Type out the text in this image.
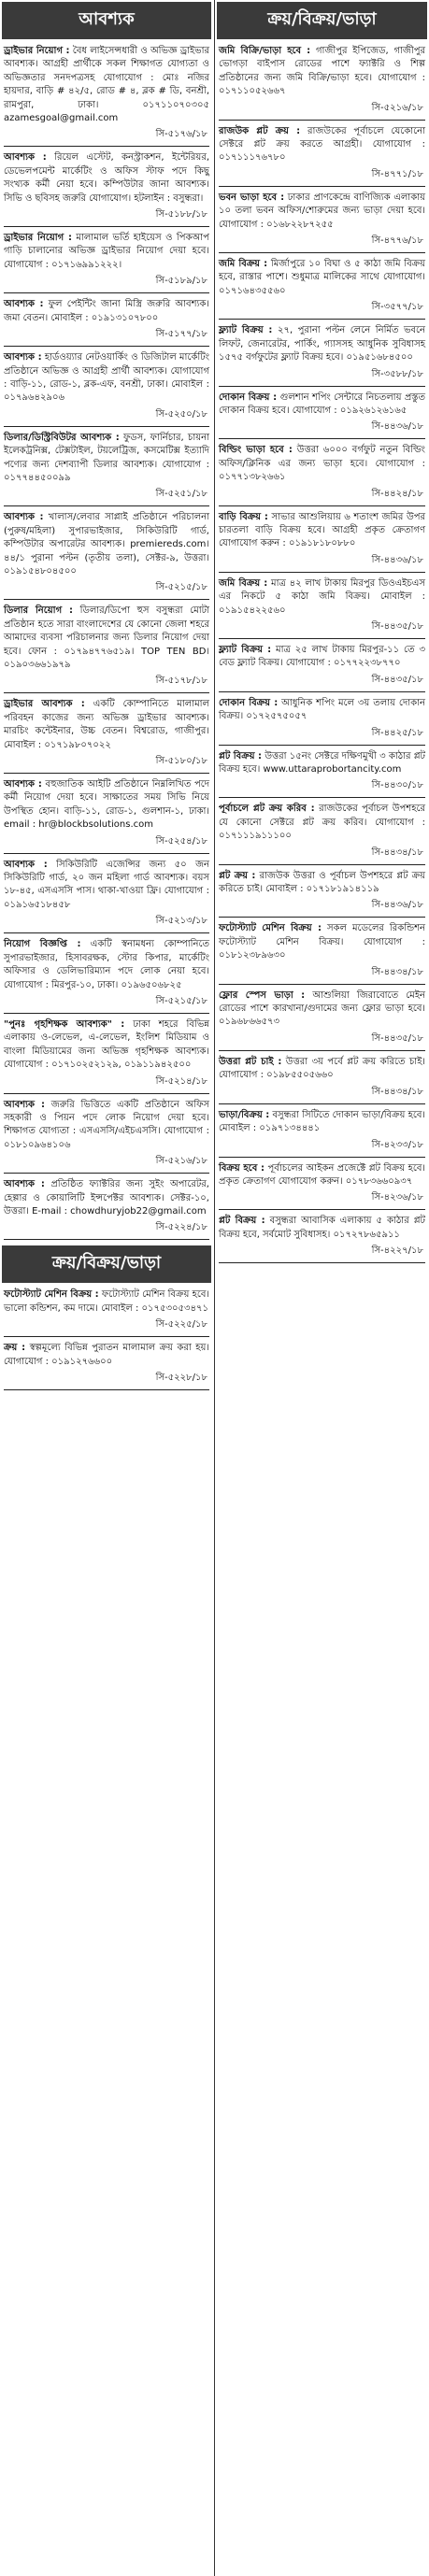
আবশ্যক
ড্রাইভার নিয়োগ : বৈধ লাইসেন্সধারী ও অভিজ্ঞ ড্রাইভার আবশ্যক। আগ্রহী প্রার্থীকে সকল শিক্ষাগত যোগ্যতা ও অভিজ্ঞতার সনদপত্রসহ যোগাযোগ : মোঃ নজির হায়দার, বাড়ি # ৪২/৫, রোড # ৪, ব্লক # ডি, বনশ্রী, রামপুরা, ঢাকা। ০১৭১১০৭০৩০৫ azamesgoal@gmail.com
সি-৫১৭৬/১৮
আবশ্যক : রিয়েল এস্টেট, কনস্ট্রাকশন, ইন্টেরিয়র, ডেভেলপমেন্ট মার্কেটিং ও অফিস স্টাফ পদে কিছু সংখ্যক কর্মী নেয়া হবে। কম্পিউটার জানা আবশ্যক। সিভি ও ছবিসহ জরুরি যোগাযোগ। হটলাইন : বসুন্ধরা।
সি-৫১৮৮/১৮
ড্রাইভার নিয়োগ : মালামাল ভর্তি হাইয়েস ও পিকআপ গাড়ি চালানোর অভিজ্ঞ ড্রাইভার নিয়োগ দেয়া হবে। যোগাযোগ : ০১৭১৬৯৯১২২২।
সি-৫১৮৯/১৮
আবশ্যক : ফুল পেইন্টিং জানা মিস্ত্রি জরুরি আবশ্যক। জমা বেতন। মোবাইল : ০১৯১৩১০৭৮০০
সি-৫১৭৭/১৮
আবশ্যক : হার্ডওয়্যার নেটওয়ার্কিং ও ডিজিটাল মার্কেটিং প্রতিষ্ঠানে অভিজ্ঞ ও আগ্রহী প্রার্থী আবশ্যক। যোগাযোগ : বাড়ি-১১, রোড-১, ব্লক-এফ, বনশ্রী, ঢাকা। মোবাইল : ০১৭৯৬৪২৯০৬
সি-৫২৫০/১৮
ডিলার/ডিস্ট্রিবিউটর আবশ্যক : ফুডস, ফার্নিচার, চায়না ইলেকট্রনিক্স, টেক্সটাইল, টয়লেট্রিজ, কসমেটিক্স ইত্যাদি পণ্যের জন্য দেশব্যাপী ডিলার আবশ্যক। যোগাযোগ : ০১৭৭৪৪৫০০৯৯
সি-৫২৫১/১৮
আবশ্যক : খালাস/লেবার সাপ্লাই প্রতিষ্ঠানে পরিচালনা (পুরুষ/মহিলা) সুপারভাইজার, সিকিউরিটি গার্ড, কম্পিউটার অপারেটর আবশ্যক। premiereds.com। ৪৪/১ পুরানা পল্টন (তৃতীয় তলা), সেক্টর-৯, উত্তরা। ০১৯১৫৪৮০৪৫০০
সি-৫২১৫/১৮
ডিলার নিয়োগ : ডিলার/ডিপো হুস বসুন্ধরা মোটা প্রতিষ্ঠান হতে সারা বাংলাদেশের যে কোনো জেলা শহরে আমাদের ব্যবসা পরিচালনার জন্য ডিলার নিয়োগ দেয়া হবে। ফোন : ০১৭৯৪৭৭৬৫১৯। TOP TEN BD। ০১৯০৩৬৬১৯৭৯
সি-৫১৭৮/১৮
ড্রাইভার আবশ্যক : একটি কোম্পানিতে মালামাল পরিবহন কাজের জন্য অভিজ্ঞ ড্রাইভার আবশ্যক। মারচিং কন্টেইনার, উচ্চ বেতন। বিশ্বরোড, গাজীপুর। মোবাইল : ০১৭১৯৮০৭০২২
সি-৫১৮০/১৮
আবশ্যক : বহুজাতিক আইটি প্রতিষ্ঠানে নিম্নলিখিত পদে কর্মী নিয়োগ দেয়া হবে। সাক্ষাতের সময় সিভি নিয়ে উপস্থিত হোন। বাড়ি-১১, রোড-১, গুলশান-১, ঢাকা। email : hr@blockbsolutions.com
সি-৫২৫৪/১৮
আবশ্যক : সিকিউরিটি এজেন্সির জন্য ৫০ জন সিকিউরিটি গার্ড, ২০ জন মহিলা গার্ড আবশ্যক। বয়স ১৮-৪৫, এসএসসি পাস। থাকা-খাওয়া ফ্রি। যোগাযোগ : ০১৯১৬৫১৮৪৫৮
সি-৫২১৩/১৮
নিয়োগ বিজ্ঞপ্তি : একটি স্বনামধন্য কোম্পানিতে সুপারভাইজার, হিসাবরক্ষক, স্টোর কিপার, মার্কেটিং অফিসার ও ডেলিভারিম্যান পদে লোক নেয়া হবে। যোগাযোগ : মিরপুর-১০, ঢাকা। ০১৯৬৫০৬৮২৫
সি-৫২১৫/১৮
"পুনঃ গৃহশিক্ষক আবশ্যক" : ঢাকা শহরে বিভিন্ন এলাকায় ও-লেভেল, এ-লেভেল, ইংলিশ মিডিয়াম ও বাংলা মিডিয়ামের জন্য অভিজ্ঞ গৃহশিক্ষক আবশ্যক। যোগাযোগ : ০১৭১০২৫২১২৯, ০১৯১১৯৪২৫০০
সি-৫২১৪/১৮
আবশ্যক : জরুরি ভিত্তিতে একটি প্রতিষ্ঠানে অফিস সহকারী ও পিয়ন পদে লোক নিয়োগ দেয়া হবে। শিক্ষাগত যোগ্যতা : এসএসসি/এইচএসসি। যোগাযোগ : ০১৮১০৯৬৪১০৬
সি-৫২১৬/১৮
আবশ্যক : প্রতিষ্ঠিত ফ্যাক্টরির জন্য সুইং অপারেটর, হেল্পার ও কোয়ালিটি ইন্সপেক্টর আবশ্যক। সেক্টর-১০, উত্তরা। E-mail : chowdhuryjob22@gmail.com
সি-৫২২৪/১৮
ক্রয়/বিক্রয়/ভাড়া
ফটোস্ট্যাট মেশিন বিক্রয় : ফটোস্ট্যাট মেশিন বিক্রয় হবে। ভালো কন্ডিশন, কম দামে। মোবাইল : ০১৭৫৩০৫৩৪৭১
সি-৫২২৫/১৮
ক্রয় : স্বল্পমূল্যে বিভিন্ন পুরাতন মালামাল ক্রয় করা হয়। যোগাযোগ : ০১৯১২৭৬৬০০
সি-৫২২৮/১৮
ক্রয়/বিক্রয়/ভাড়া
জমি বিক্রি/ভাড়া হবে : গাজীপুর ইপিজেড, গাজীপুর ভোগড়া বাইপাস রোডের পাশে ফ্যাক্টরি ও শিল্প প্রতিষ্ঠানের জন্য জমি বিক্রি/ভাড়া হবে। যোগাযোগ : ০১৭১১০৫২৬৬৭
সি-৫২১৬/১৮
রাজউক প্লট ক্রয় : রাজউকের পূর্বাচলে যেকোনো সেক্টরে প্লট ক্রয় করতে আগ্রহী। যোগাযোগ : ০১৭১১১৭৬৭৮০
সি-৪৭৭১/১৮
ভবন ভাড়া হবে : ঢাকার প্রাণকেন্দ্রে বাণিজ্যিক এলাকায় ১০ তলা ভবন অফিস/শোরুমের জন্য ভাড়া দেয়া হবে। যোগাযোগ : ০১৬৮২২৮৭২৫৫
সি-৪৭৭৬/১৮
জমি বিক্রয় : মির্জাপুরে ১০ বিঘা ও ৫ কাঠা জমি বিক্রয় হবে, রাস্তার পাশে। শুধুমাত্র মালিকের সাথে যোগাযোগ। ০১৭১৬৪৩৫৫৬০
সি-৩৫৭৭/১৮
ফ্ল্যাট বিক্রয় : ২৭, পুরানা পল্টন লেনে নির্মিত ভবনে লিফট, জেনারেটর, পার্কিং, গ্যাসসহ আধুনিক সুবিধাসহ ১৫৭৫ বর্গফুটের ফ্ল্যাট বিক্রয় হবে। ০১৯৫১৬৮৪৫০০
সি-৩৫৮৮/১৮
দোকান বিক্রয় : গুলশান শপিং সেন্টারে নিচতলায় প্রস্তুত দোকান বিক্রয় হবে। যোগাযোগ : ০১৯২৬১২৬১৬৫
সি-৪৪৩৬/১৮
বিল্ডিং ভাড়া হবে : উত্তরা ৬০০০ বর্গফুট নতুন বিল্ডিং অফিস/ক্লিনিক এর জন্য ভাড়া হবে। যোগাযোগ : ০১৭৭১৩৮২৬৬১
সি-৪৪২৪/১৮
বাড়ি বিক্রয় : সাভার আশুলিয়ায় ৬ শতাংশ জমির উপর চারতলা বাড়ি বিক্রয় হবে। আগ্রহী প্রকৃত ক্রেতাগণ যোগাযোগ করুন : ০১৯১৮১৮০৮৮০
সি-৪৪৩৬/১৮
জমি বিক্রয় : মাত্র ৪২ লাখ টাকায় মিরপুর ডিওএইচএস এর নিকটে ৫ কাঠা জমি বিক্রয়। মোবাইল : ০১৯১৫৪২২৫৬০
সি-৪৪৩৫/১৮
ফ্ল্যাট বিক্রয় : মাত্র ২৫ লাখ টাকায় মিরপুর-১১ তে ৩ বেড ফ্ল্যাট বিক্রয়। যোগাযোগ : ০১৭৭২২৩৮৭৭০
সি-৪৪৩৫/১৮
দোকান বিক্রয় : আধুনিক শপিং মলে ৩য় তলায় দোকান বিক্রয়। ০১৭২৫৭৫০৫৭
সি-৪৪২৫/১৮
প্লট বিক্রয় : উত্তরা ১৫নং সেক্টরে দক্ষিণমুখী ৩ কাঠার প্লট বিক্রয় হবে। www.uttaraprobortancity.com
সি-৪৪৩০/১৮
পূর্বাচলে প্লট ক্রয় করিব : রাজউকের পূর্বাচল উপশহরে যে কোনো সেক্টরে প্লট ক্রয় করিব। যোগাযোগ : ০১৭১১১৯১১১০০
সি-৪৪৩৪/১৮
প্লট ক্রয় : রাজউক উত্তরা ও পূর্বাচল উপশহরে প্লট ক্রয় করিতে চাই। মোবাইল : ০১৭১৮১৯১৪১১৯
সি-৪৪৩৬/১৮
ফটোস্ট্যাট মেশিন বিক্রয় : সকল মডেলের রিকন্ডিশন ফটোস্ট্যাট মেশিন বিক্রয়। যোগাযোগ : ০১৮১২৩৮৯৬৩০
সি-৪৪৩৪/১৮
ফ্লোর স্পেস ভাড়া : আশুলিয়া জিরাবোতে মেইন রোডের পাশে কারখানা/গুদামের জন্য ফ্লোর ভাড়া হবে। ০১৯৬৮৬৬৫৭৩
সি-৪৪৩৫/১৮
উত্তরা প্লট চাই : উত্তরা ৩য় পর্বে প্লট ক্রয় করিতে চাই। যোগাযোগ : ০১৯৮৫৫০৫৬৬০
সি-৪৪৩৪/১৮
ভাড়া/বিক্রয় : বসুন্ধরা সিটিতে দোকান ভাড়া/বিক্রয় হবে। মোবাইল : ০১৯৭১৩৪৪৪১
সি-৪২৩৩/১৮
বিক্রয় হবে : পূর্বাচলের আইকন প্রজেক্টে প্লট বিক্রয় হবে। প্রকৃত ক্রেতাগণ যোগাযোগ করুন। ০১৭৮৩৬৬০৯৩৭
সি-৪২৩৬/১৮
প্লট বিক্রয় : বসুন্ধরা আবাসিক এলাকায় ৫ কাঠার প্লট বিক্রয় হবে, সর্বমোট সুবিধাসহ। ০১৭২৭৮৬৫৯১১
সি-৪২২৭/১৮
